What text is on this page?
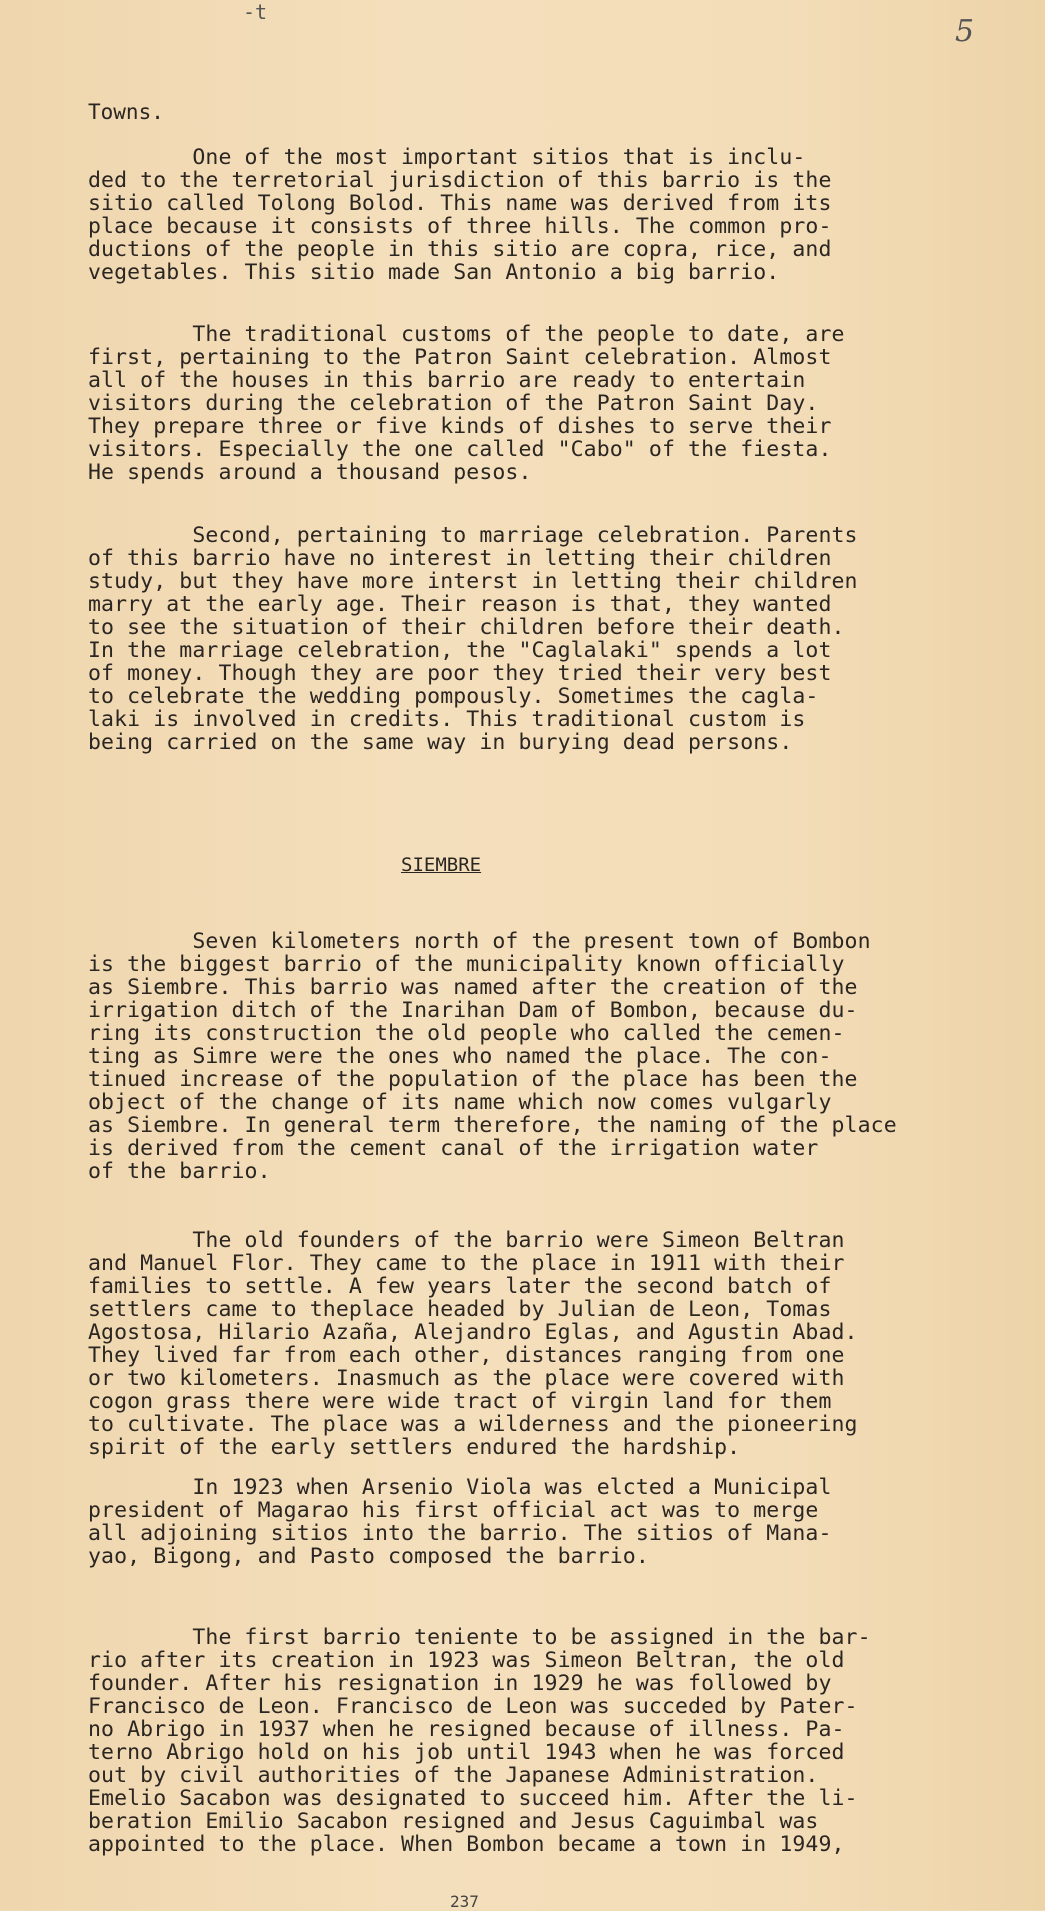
-t
5
Towns.
One of the most important sitios that is inclu-
ded to the terretorial jurisdiction of this barrio is the
sitio called Tolong Bolod. This name was derived from its
place because it consists of three hills. The common pro-
ductions of the people in this sitio are copra, rice, and
vegetables. This sitio made San Antonio a big barrio.
The traditional customs of the people to date, are
first, pertaining to the Patron Saint celebration. Almost
all of the houses in this barrio are ready to entertain
visitors during the celebration of the Patron Saint Day.
They prepare three or five kinds of dishes to serve their
visitors. Especially the one called "Cabo" of the fiesta.
He spends around a thousand pesos.
Second, pertaining to marriage celebration. Parents
of this barrio have no interest in letting their children
study, but they have more interst in letting their children
marry at the early age. Their reason is that, they wanted
to see the situation of their children before their death.
In the marriage celebration, the "Caglalaki" spends a lot
of money. Though they are poor they tried their very best
to celebrate the wedding pompously. Sometimes the cagla-
laki is involved in credits. This traditional custom is
being carried on the same way in burying dead persons.
SIEMBRE
Seven kilometers north of the present town of Bombon
is the biggest barrio of the municipality known officially
as Siembre. This barrio was named after the creation of the
irrigation ditch of the Inarihan Dam of Bombon, because du-
ring its construction the old people who called the cemen-
ting as Simre were the ones who named the place. The con-
tinued increase of the population of the place has been the
object of the change of its name which now comes vulgarly
as Siembre. In general term therefore, the naming of the place
is derived from the cement canal of the irrigation water
of the barrio.
The old founders of the barrio were Simeon Beltran
and Manuel Flor. They came to the place in 1911 with their
families to settle. A few years later the second batch of
settlers came to theplace headed by Julian de Leon, Tomas
Agostosa, Hilario Azaña, Alejandro Eglas, and Agustin Abad.
They lived far from each other, distances ranging from one
or two kilometers. Inasmuch as the place were covered with
cogon grass there were wide tract of virgin land for them
to cultivate. The place was a wilderness and the pioneering
spirit of the early settlers endured the hardship.
In 1923 when Arsenio Viola was elcted a Municipal
president of Magarao his first official act was to merge
all adjoining sitios into the barrio. The sitios of Mana-
yao, Bigong, and Pasto composed the barrio.
The first barrio teniente to be assigned in the bar-
rio after its creation in 1923 was Simeon Beltran, the old
founder. After his resignation in 1929 he was followed by
Francisco de Leon. Francisco de Leon was succeded by Pater-
no Abrigo in 1937 when he resigned because of illness. Pa-
terno Abrigo hold on his job until 1943 when he was forced
out by civil authorities of the Japanese Administration.
Emelio Sacabon was designated to succeed him. After the li-
beration Emilio Sacabon resigned and Jesus Caguimbal was
appointed to the place. When Bombon became a town in 1949,
237
